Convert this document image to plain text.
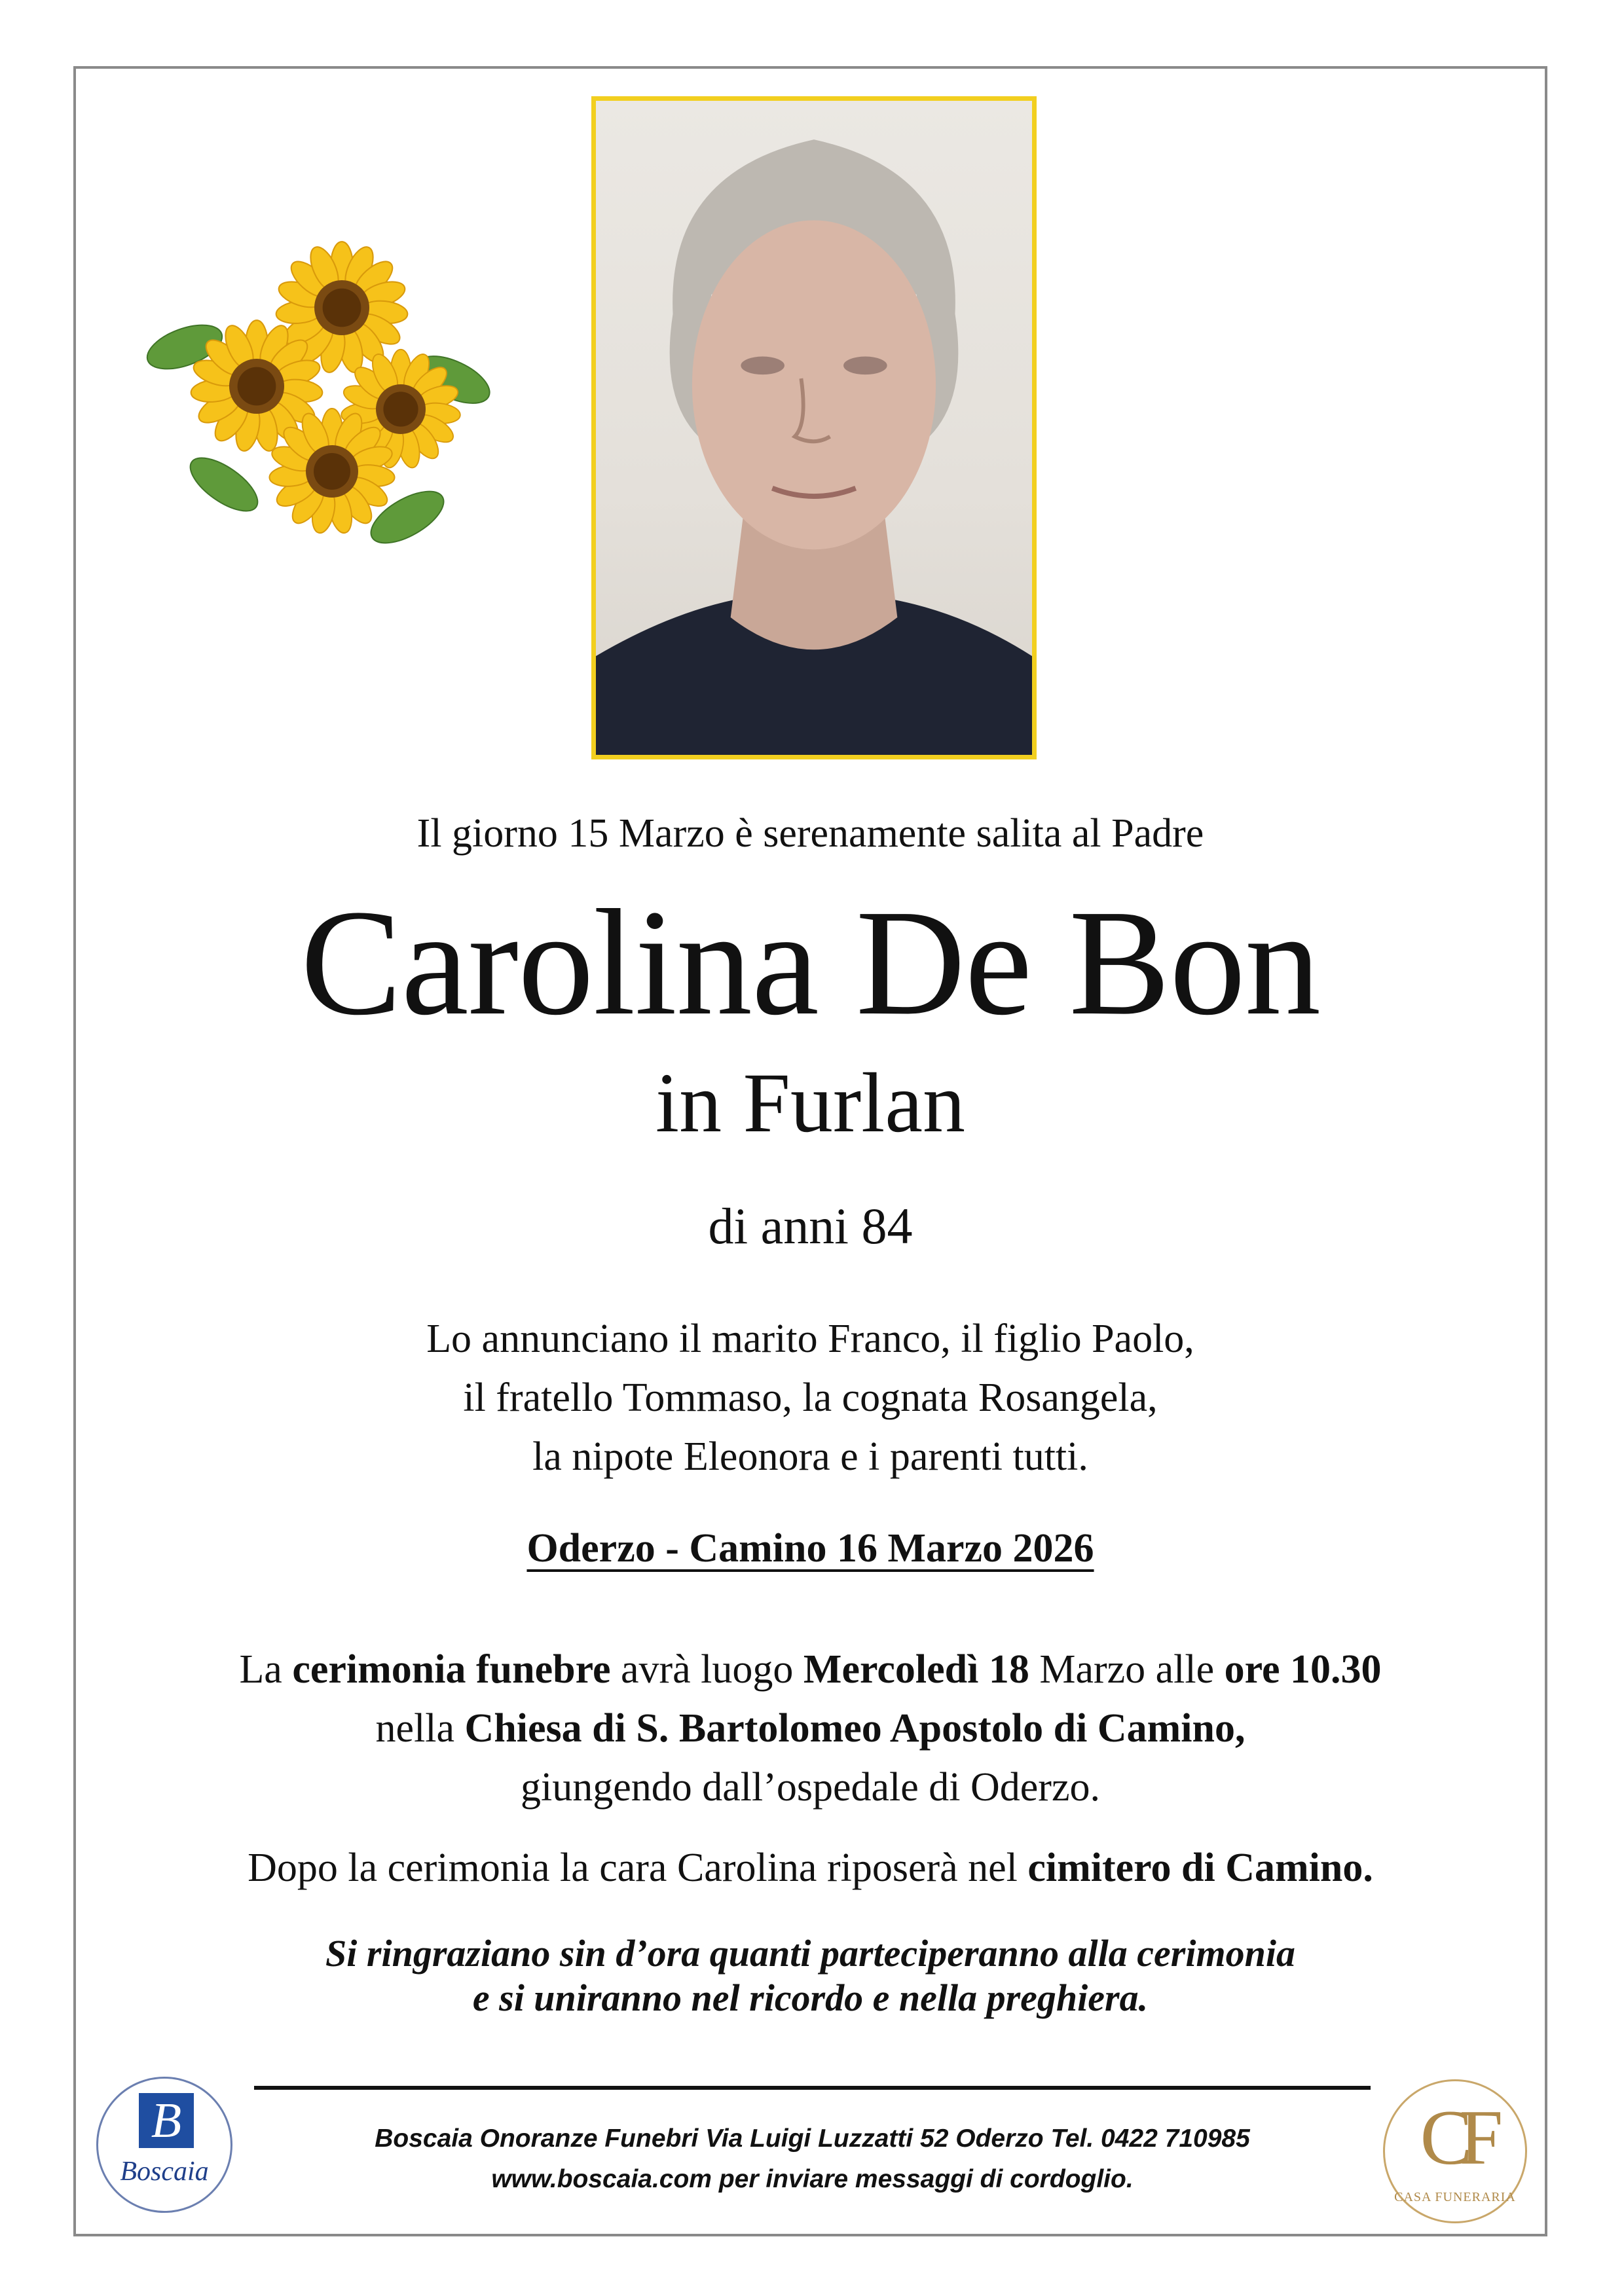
Il giorno 15 Marzo è serenamente salita al Padre
Carolina De Bon
in Furlan
di anni 84
Lo annunciano il marito Franco, il figlio Paolo,
il fratello Tommaso, la cognata Rosangela,
la nipote Eleonora e i parenti tutti.
Oderzo - Camino 16 Marzo 2026
La cerimonia funebre avrà luogo Mercoledì 18 Marzo alle ore 10.30
nella Chiesa di S. Bartolomeo Apostolo di Camino,
giungendo dall’ospedale di Oderzo.
Dopo la cerimonia la cara Carolina riposerà nel cimitero di Camino.
Si ringraziano sin d’ora quanti parteciperanno alla cerimonia
e si uniranno nel ricordo e nella preghiera.
B
Boscaia
Boscaia Onoranze Funebri Via Luigi Luzzatti 52 Oderzo Tel. 0422 710985
www.boscaia.com per inviare messaggi di cordoglio.	CF
CASA FUNERARIA
